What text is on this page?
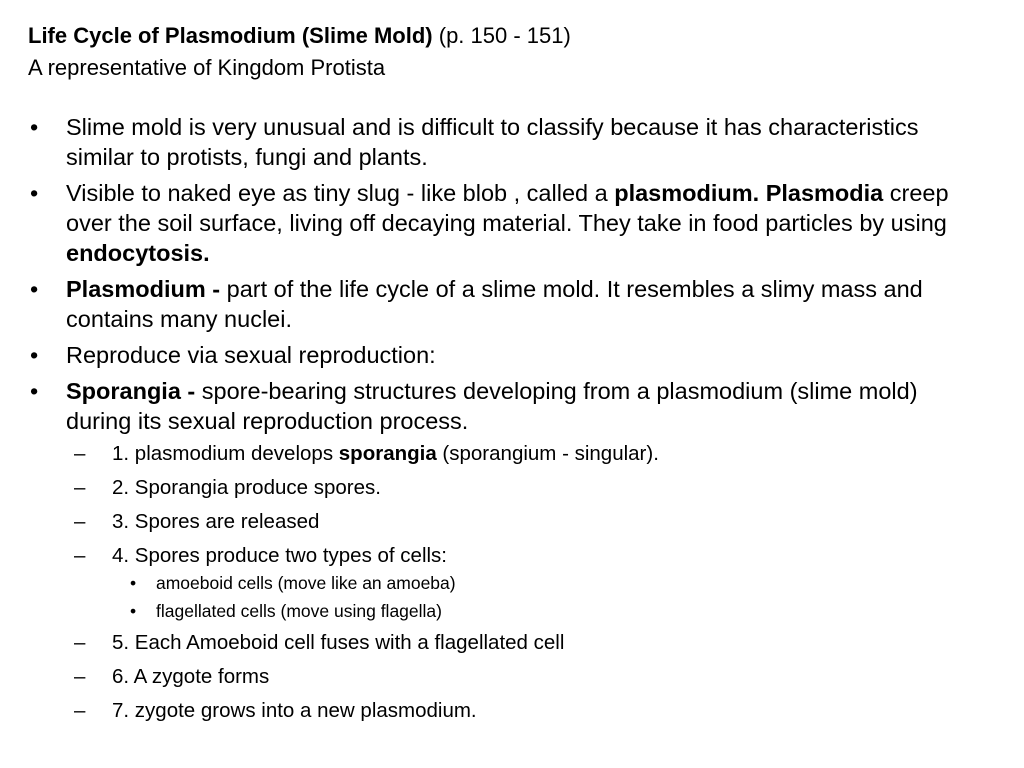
Life Cycle of Plasmodium (Slime Mold) (p. 150 - 151)
A representative of Kingdom Protista
• Slime mold is very unusual and is difficult to classify because it has characteristics similar to protists, fungi and plants.
• Visible to naked eye as tiny slug - like blob , called a plasmodium. Plasmodia creep over the soil surface, living off decaying material. They take in food particles by using endocytosis.
• Plasmodium - part of the life cycle of a slime mold. It resembles a slimy mass and contains many nuclei.
• Reproduce via sexual reproduction:
• Sporangia - spore-bearing structures developing from a plasmodium (slime mold) during its sexual reproduction process.
– 1. plasmodium develops sporangia (sporangium - singular).
– 2. Sporangia produce spores.
– 3. Spores are released
– 4. Spores produce two types of cells:
• amoeboid cells (move like an amoeba)
• flagellated cells (move using flagella)
– 5. Each Amoeboid cell fuses with a flagellated cell
– 6. A zygote forms
– 7. zygote grows into a new plasmodium.
